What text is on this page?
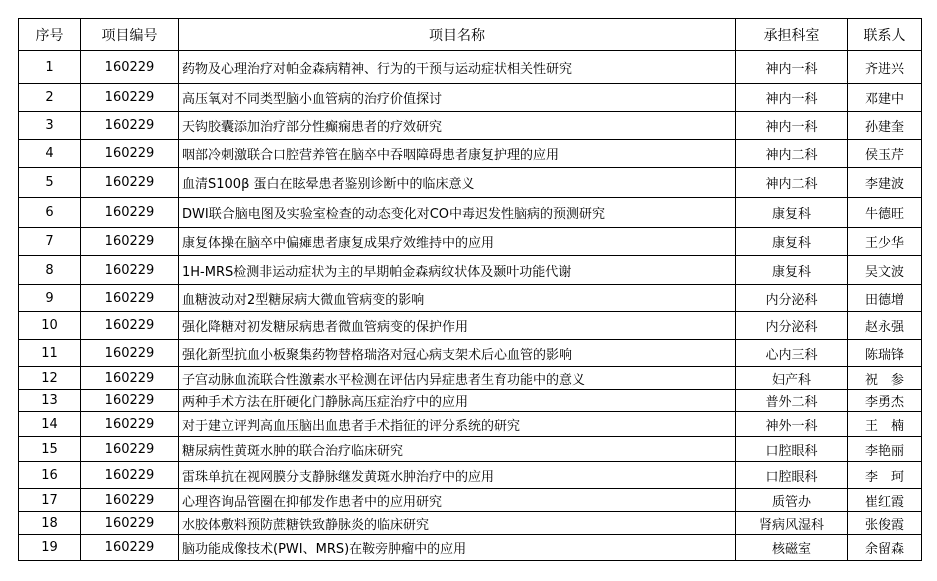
序号	项目编号	项目名称	承担科室	联系人
1	160229	药物及心理治疗对帕金森病精神、行为的干预与运动症状相关性研究	神内一科	齐进兴
2	160229	高压氧对不同类型脑小血管病的治疗价值探讨	神内一科	邓建中
3	160229	天钩胶囊添加治疗部分性癫痫患者的疗效研究	神内一科	孙建奎
4	160229	咽部冷刺激联合口腔营养管在脑卒中吞咽障碍患者康复护理的应用	神内二科	侯玉芹
5	160229	血清S100β 蛋白在眩晕患者鉴别诊断中的临床意义	神内二科	李建波
6	160229	DWI联合脑电图及实验室检查的动态变化对CO中毒迟发性脑病的预测研究	康复科	牛德旺
7	160229	康复体操在脑卒中偏瘫患者康复成果疗效维持中的应用	康复科	王少华
8	160229	1H-MRS检测非运动症状为主的早期帕金森病纹状体及颞叶功能代谢	康复科	吴文波
9	160229	血糖波动对2型糖尿病大微血管病变的影响	内分泌科	田德增
10	160229	强化降糖对初发糖尿病患者微血管病变的保护作用	内分泌科	赵永强
11	160229	强化新型抗血小板聚集药物替格瑞洛对冠心病支架术后心血管的影响	心内三科	陈瑞锋
12	160229	子宫动脉血流联合性激素水平检测在评估内异症患者生育功能中的意义	妇产科	祝　参
13	160229	两种手术方法在肝硬化门静脉高压症治疗中的应用	普外二科	李勇杰
14	160229	对于建立评判高血压脑出血患者手术指征的评分系统的研究	神外一科	王　楠
15	160229	糖尿病性黄斑水肿的联合治疗临床研究	口腔眼科	李艳丽
16	160229	雷珠单抗在视网膜分支静脉继发黄斑水肿治疗中的应用	口腔眼科	李　珂
17	160229	心理咨询品管圈在抑郁发作患者中的应用研究	质管办	崔红霞
18	160229	水胶体敷料预防蔗糖铁致静脉炎的临床研究	肾病风湿科	张俊霞
19	160229	脑功能成像技术(PWI、MRS)在鞍旁肿瘤中的应用	核磁室	余留森
